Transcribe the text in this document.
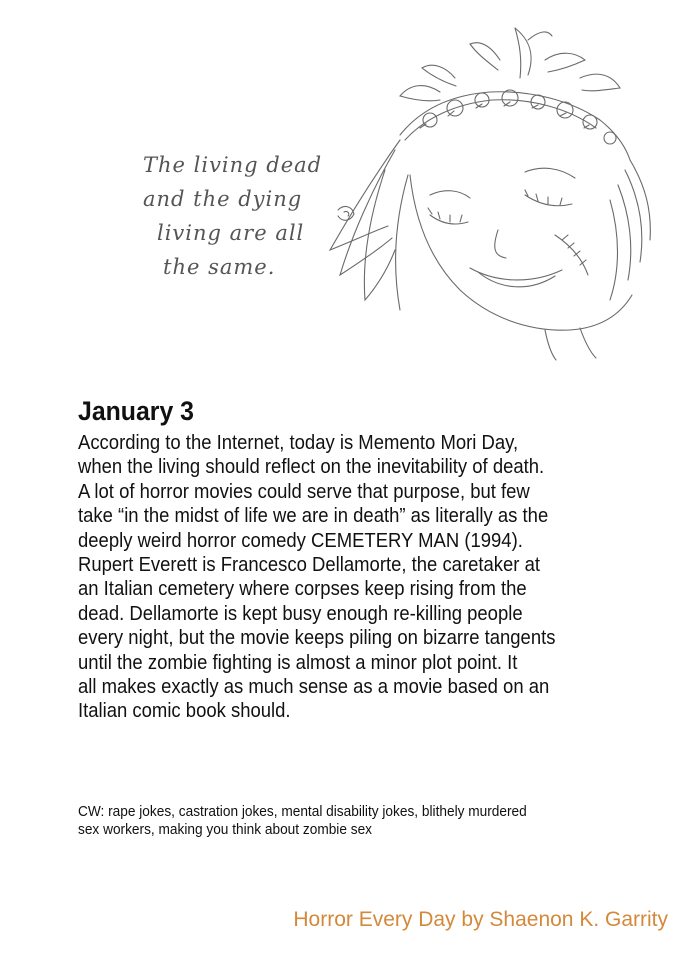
The living dead
and the dying
living are all
the same.
January 3
According to the Internet, today is Memento Mori Day,
when the living should reflect on the inevitability of death.
A lot of horror movies could serve that purpose, but few
take “in the midst of life we are in death” as literally as the
deeply weird horror comedy CEMETERY MAN (1994).
Rupert Everett is Francesco Dellamorte, the caretaker at
an Italian cemetery where corpses keep rising from the
dead. Dellamorte is kept busy enough re-killing people
every night, but the movie keeps piling on bizarre tangents
until the zombie fighting is almost a minor plot point. It
all makes exactly as much sense as a movie based on an
Italian comic book should.
CW: rape jokes, castration jokes, mental disability jokes, blithely murdered
sex workers, making you think about zombie sex
Horror Every Day by Shaenon K. Garrity
